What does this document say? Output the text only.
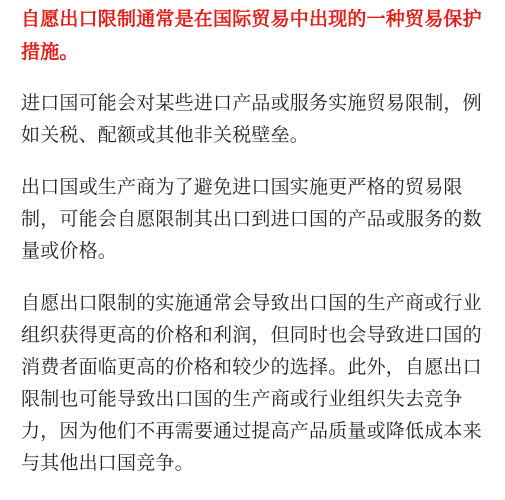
自愿出口限制通常是在国际贸易中出现的一种贸易保护措施。

进口国可能会对某些进口产品或服务实施贸易限制，例如关税、配额或其他非关税壁垒。

出口国或生产商为了避免进口国实施更严格的贸易限制，可能会自愿限制其出口到进口国的产品或服务的数量或价格。

自愿出口限制的实施通常会导致出口国的生产商或行业组织获得更高的价格和利润，但同时也会导致进口国的消费者面临更高的价格和较少的选择。此外，自愿出口限制也可能导致出口国的生产商或行业组织失去竞争力，因为他们不再需要通过提高产品质量或降低成本来与其他出口国竞争。
